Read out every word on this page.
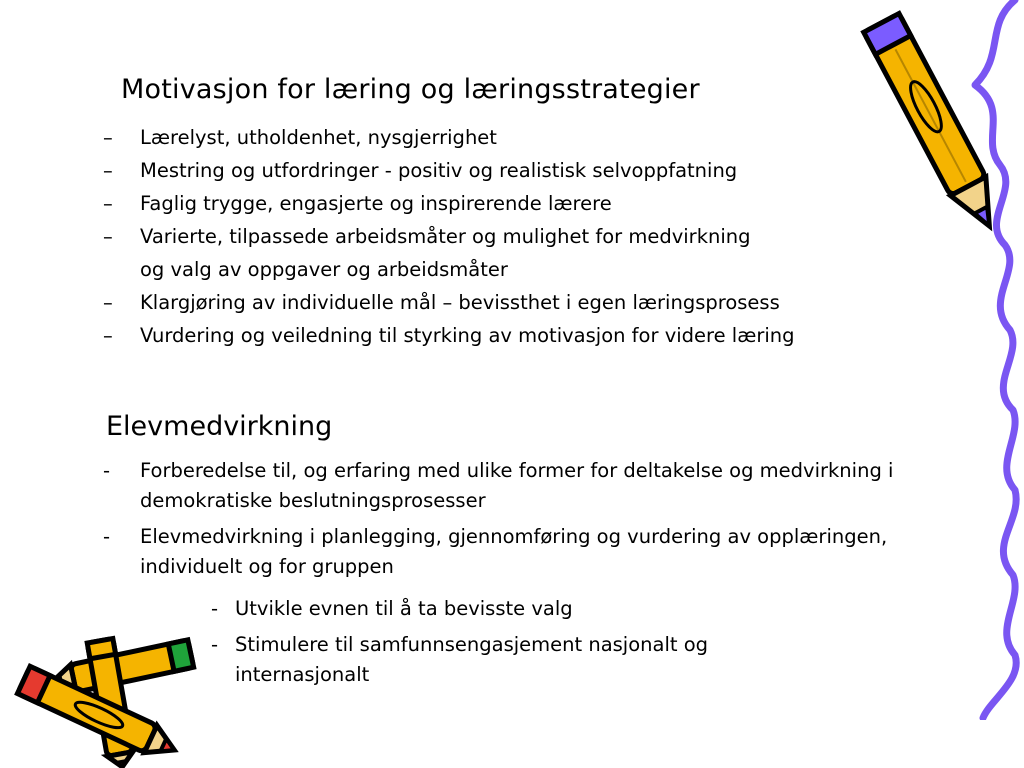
Motivasjon for læring og læringsstrategier
– Lærelyst, utholdenhet, nysgjerrighet
– Mestring og utfordringer - positiv og realistisk selvoppfatning
– Faglig trygge, engasjerte og inspirerende lærere
– Varierte, tilpassede arbeidsmåter og mulighet for medvirkning
og valg av oppgaver og arbeidsmåter
– Klargjøring av individuelle mål – bevissthet i egen læringsprosess
– Vurdering og veiledning til styrking av motivasjon for videre læring
Elevmedvirkning
- Forberedelse til, og erfaring med ulike former for deltakelse og medvirkning i demokratiske beslutningsprosesser
- Elevmedvirkning i planlegging, gjennomføring og vurdering av opplæringen, individuelt og for gruppen
- Utvikle evnen til å ta bevisste valg
- Stimulere til samfunnsengasjement nasjonalt og internasjonalt
